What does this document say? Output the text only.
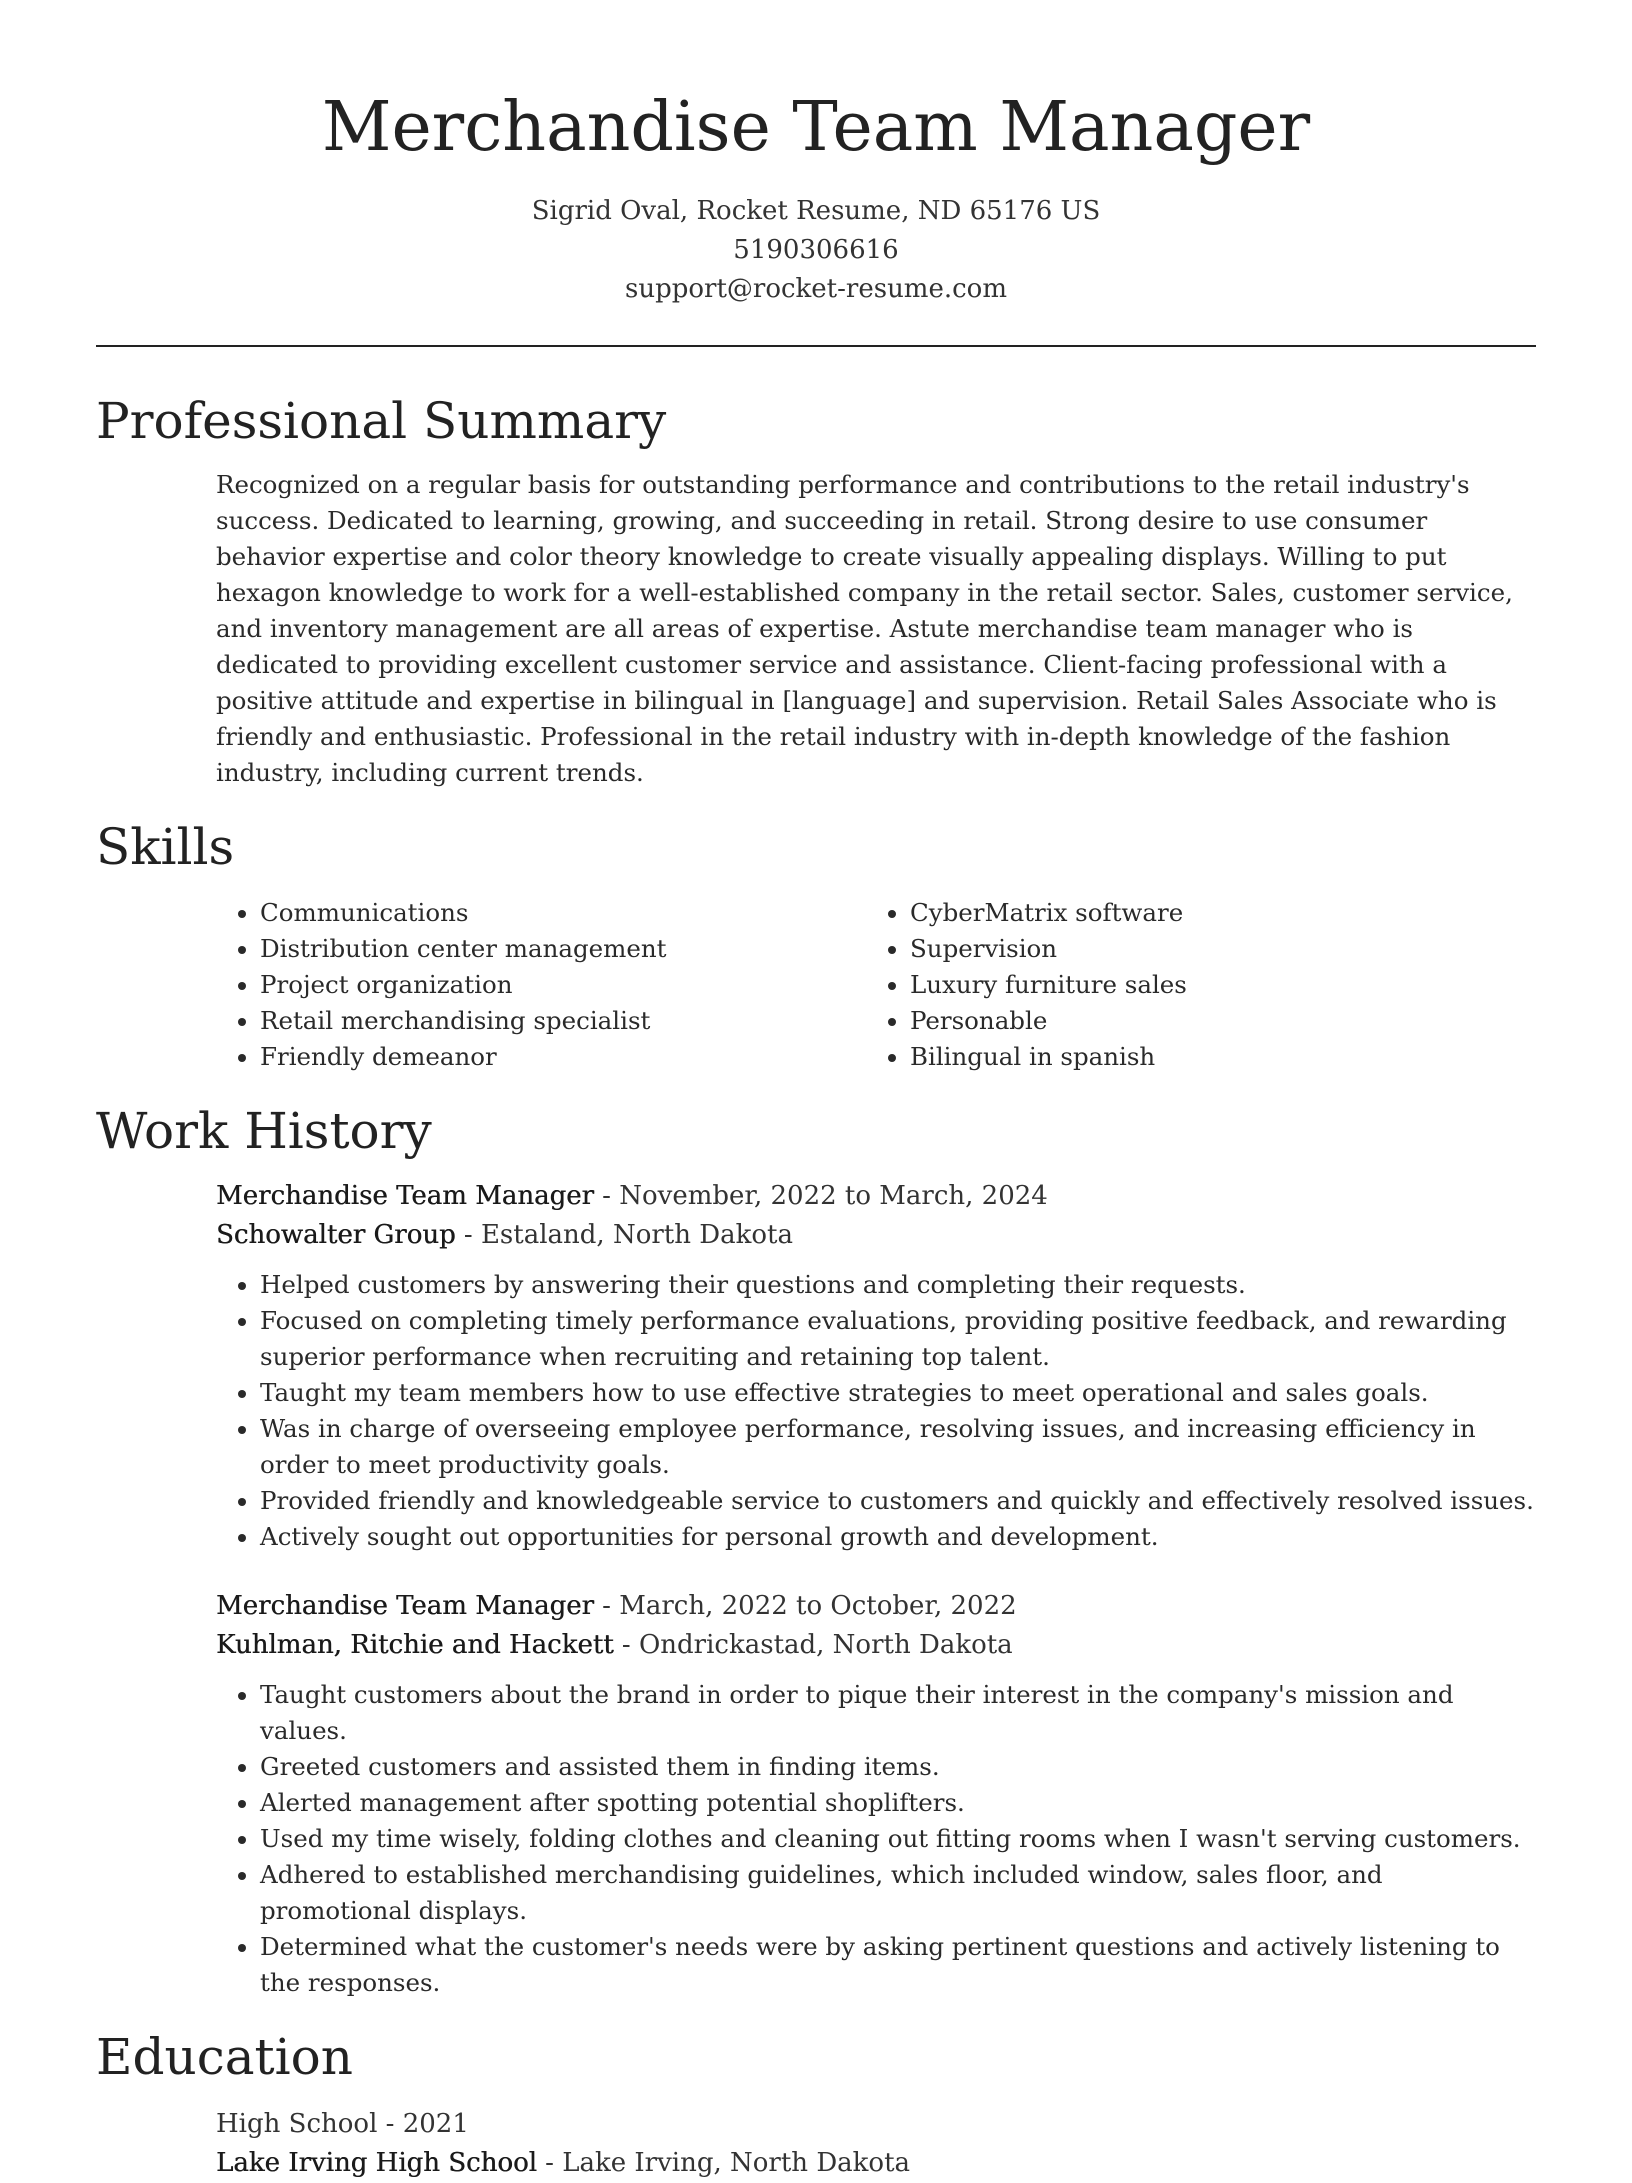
Merchandise Team Manager
Sigrid Oval, Rocket Resume, ND 65176 US
5190306616
support@rocket-resume.com
Professional Summary
Recognized on a regular basis for outstanding performance and contributions to the retail industry's success. Dedicated to learning, growing, and succeeding in retail. Strong desire to use consumer behavior expertise and color theory knowledge to create visually appealing displays. Willing to put hexagon knowledge to work for a well-established company in the retail sector. Sales, customer service, and inventory management are all areas of expertise. Astute merchandise team manager who is dedicated to providing excellent customer service and assistance. Client-facing professional with a positive attitude and expertise in bilingual in [language] and supervision. Retail Sales Associate who is friendly and enthusiastic. Professional in the retail industry with in-depth knowledge of the fashion industry, including current trends.
Skills
• Communications
• Distribution center management
• Project organization
• Retail merchandising specialist
• Friendly demeanor
• CyberMatrix software
• Supervision
• Luxury furniture sales
• Personable
• Bilingual in spanish
Work History
Merchandise Team Manager - November, 2022 to March, 2024
Schowalter Group - Estaland, North Dakota
• Helped customers by answering their questions and completing their requests.
• Focused on completing timely performance evaluations, providing positive feedback, and rewarding superior performance when recruiting and retaining top talent.
• Taught my team members how to use effective strategies to meet operational and sales goals.
• Was in charge of overseeing employee performance, resolving issues, and increasing efficiency in order to meet productivity goals.
• Provided friendly and knowledgeable service to customers and quickly and effectively resolved issues.
• Actively sought out opportunities for personal growth and development.
Merchandise Team Manager - March, 2022 to October, 2022
Kuhlman, Ritchie and Hackett - Ondrickastad, North Dakota
• Taught customers about the brand in order to pique their interest in the company's mission and values.
• Greeted customers and assisted them in finding items.
• Alerted management after spotting potential shoplifters.
• Used my time wisely, folding clothes and cleaning out fitting rooms when I wasn't serving customers.
• Adhered to established merchandising guidelines, which included window, sales floor, and promotional displays.
• Determined what the customer's needs were by asking pertinent questions and actively listening to the responses.
Education
High School - 2021
Lake Irving High School - Lake Irving, North Dakota
